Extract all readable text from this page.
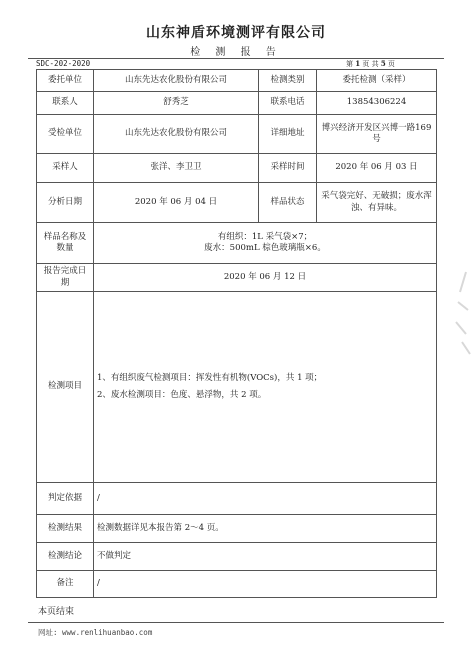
山东神盾环境测评有限公司
检 测 报 告
SDC-202-2020	第 1 页 共 5 页
委托单位	山东先达农化股份有限公司	检测类别	委托检测（采样）
联系人	舒秀芝	联系电话	13854306224
受检单位	山东先达农化股份有限公司	详细地址	博兴经济开发区兴博一路169号
采样人	张洋、李卫卫	采样时间	2020 年 06 月 03 日
分析日期	2020 年 06 月 04 日	样品状态	采气袋完好、无破损；废水浑浊、有异味。
样品名称及数量	有组织：1L 采气袋×7；
废水：500mL 棕色玻璃瓶×6。		

报告完成日期	2020 年 06 月 12 日		
检测项目	1、有组织废气检测项目：挥发性有机物(VOCs)，共 1 项；
2、废水检测项目：色度、悬浮物，共 2 项。		

判定依据	/		
检测结果	检测数据详见本报告第 2～4 页。		
检测结论	不做判定		
备注	/		
本页结束
网址: www.renlihuanbao.com
